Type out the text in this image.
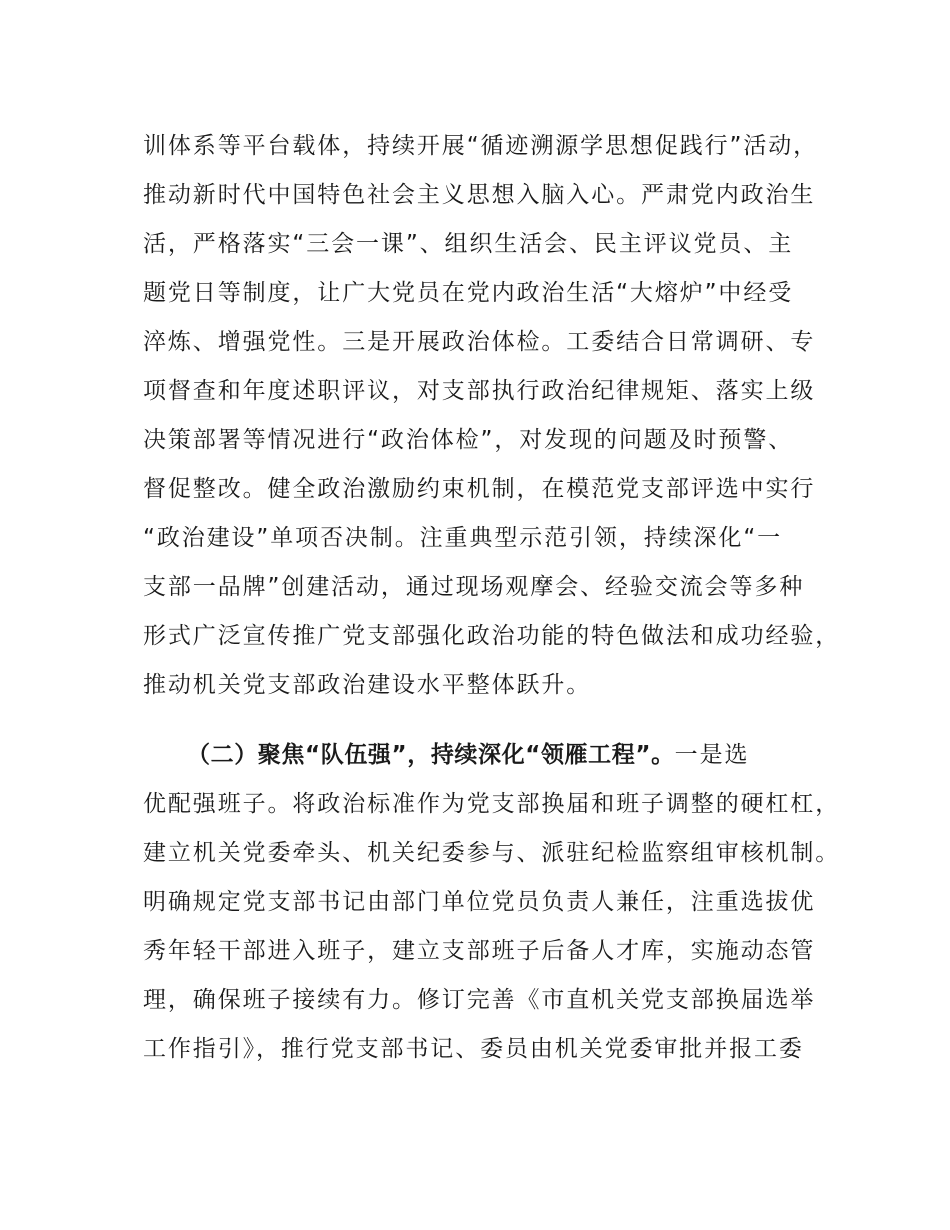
训体系等平台载体，持续开展“循迹溯源学思想促践行”活动，
推动新时代中国特色社会主义思想入脑入心。严肃党内政治生
活，严格落实“三会一课”、组织生活会、民主评议党员、主
题党日等制度，让广大党员在党内政治生活“大熔炉”中经受
淬炼、增强党性。三是开展政治体检。工委结合日常调研、专
项督查和年度述职评议，对支部执行政治纪律规矩、落实上级
决策部署等情况进行“政治体检”，对发现的问题及时预警、
督促整改。健全政治激励约束机制，在模范党支部评选中实行
“政治建设”单项否决制。注重典型示范引领，持续深化“一
支部一品牌”创建活动，通过现场观摩会、经验交流会等多种
形式广泛宣传推广党支部强化政治功能的特色做法和成功经验，
推动机关党支部政治建设水平整体跃升。
（二）聚焦“队伍强”，持续深化“领雁工程”。一是选
优配强班子。将政治标准作为党支部换届和班子调整的硬杠杠，
建立机关党委牵头、机关纪委参与、派驻纪检监察组审核机制。
明确规定党支部书记由部门单位党员负责人兼任，注重选拔优
秀年轻干部进入班子，建立支部班子后备人才库，实施动态管
理，确保班子接续有力。修订完善《市直机关党支部换届选举
工作指引》，推行党支部书记、委员由机关党委审批并报工委
